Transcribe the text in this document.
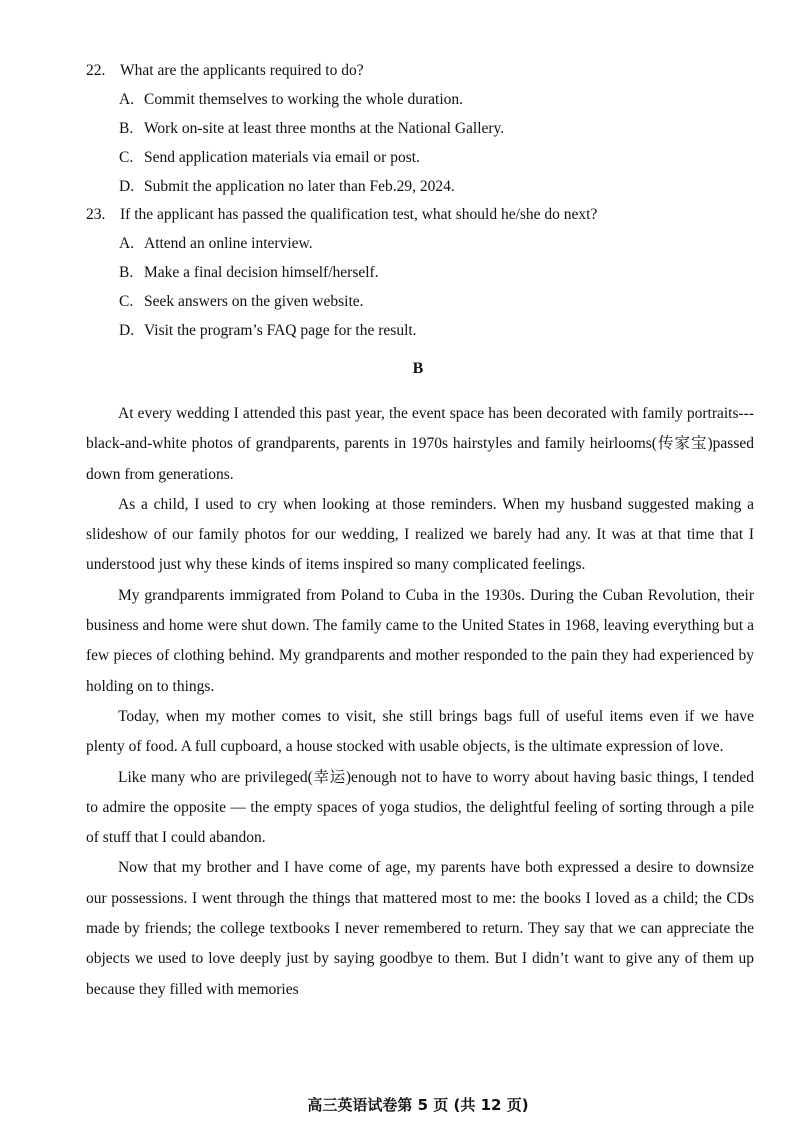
22. What are the applicants required to do?

A. Commit themselves to working the whole duration.
B. Work on-site at least three months at the National Gallery.
C. Send application materials via email or post.
D. Submit the application no later than Feb.29, 2024.

23. If the applicant has passed the qualification test, what should he/she do next?

A. Attend an online interview.
B. Make a final decision himself/herself.
C. Seek answers on the given website.
D. Visit the program’s FAQ page for the result.
B

At every wedding I attended this past year, the event space has been decorated with family portraits---black-and-white photos of grandparents, parents in 1970s hairstyles and family heirlooms(传家宝)passed down from generations.

As a child, I used to cry when looking at those reminders. When my husband suggested making a slideshow of our family photos for our wedding, I realized we barely had any. It was at that time that I understood just why these kinds of items inspired so many complicated feelings.

My grandparents immigrated from Poland to Cuba in the 1930s. During the Cuban Revolution, their business and home were shut down. The family came to the United States in 1968, leaving everything but a few pieces of clothing behind. My grandparents and mother responded to the pain they had experienced by holding on to things.

Today, when my mother comes to visit, she still brings bags full of useful items even if we have plenty of food. A full cupboard, a house stocked with usable objects, is the ultimate expression of love.

Like many who are privileged(幸运)enough not to have to worry about having basic things, I tended to admire the opposite — the empty spaces of yoga studios, the delightful feeling of sorting through a pile of stuff that I could abandon.

Now that my brother and I have come of age, my parents have both expressed a desire to downsize our possessions. I went through the things that mattered most to me: the books I loved as a child; the CDs made by friends; the college textbooks I never remembered to return. They say that we can appreciate the objects we used to love deeply just by saying goodbye to them. But I didn’t want to give any of them up because they filled with memories

高三英语试卷第 5 页 (共 12 页)
